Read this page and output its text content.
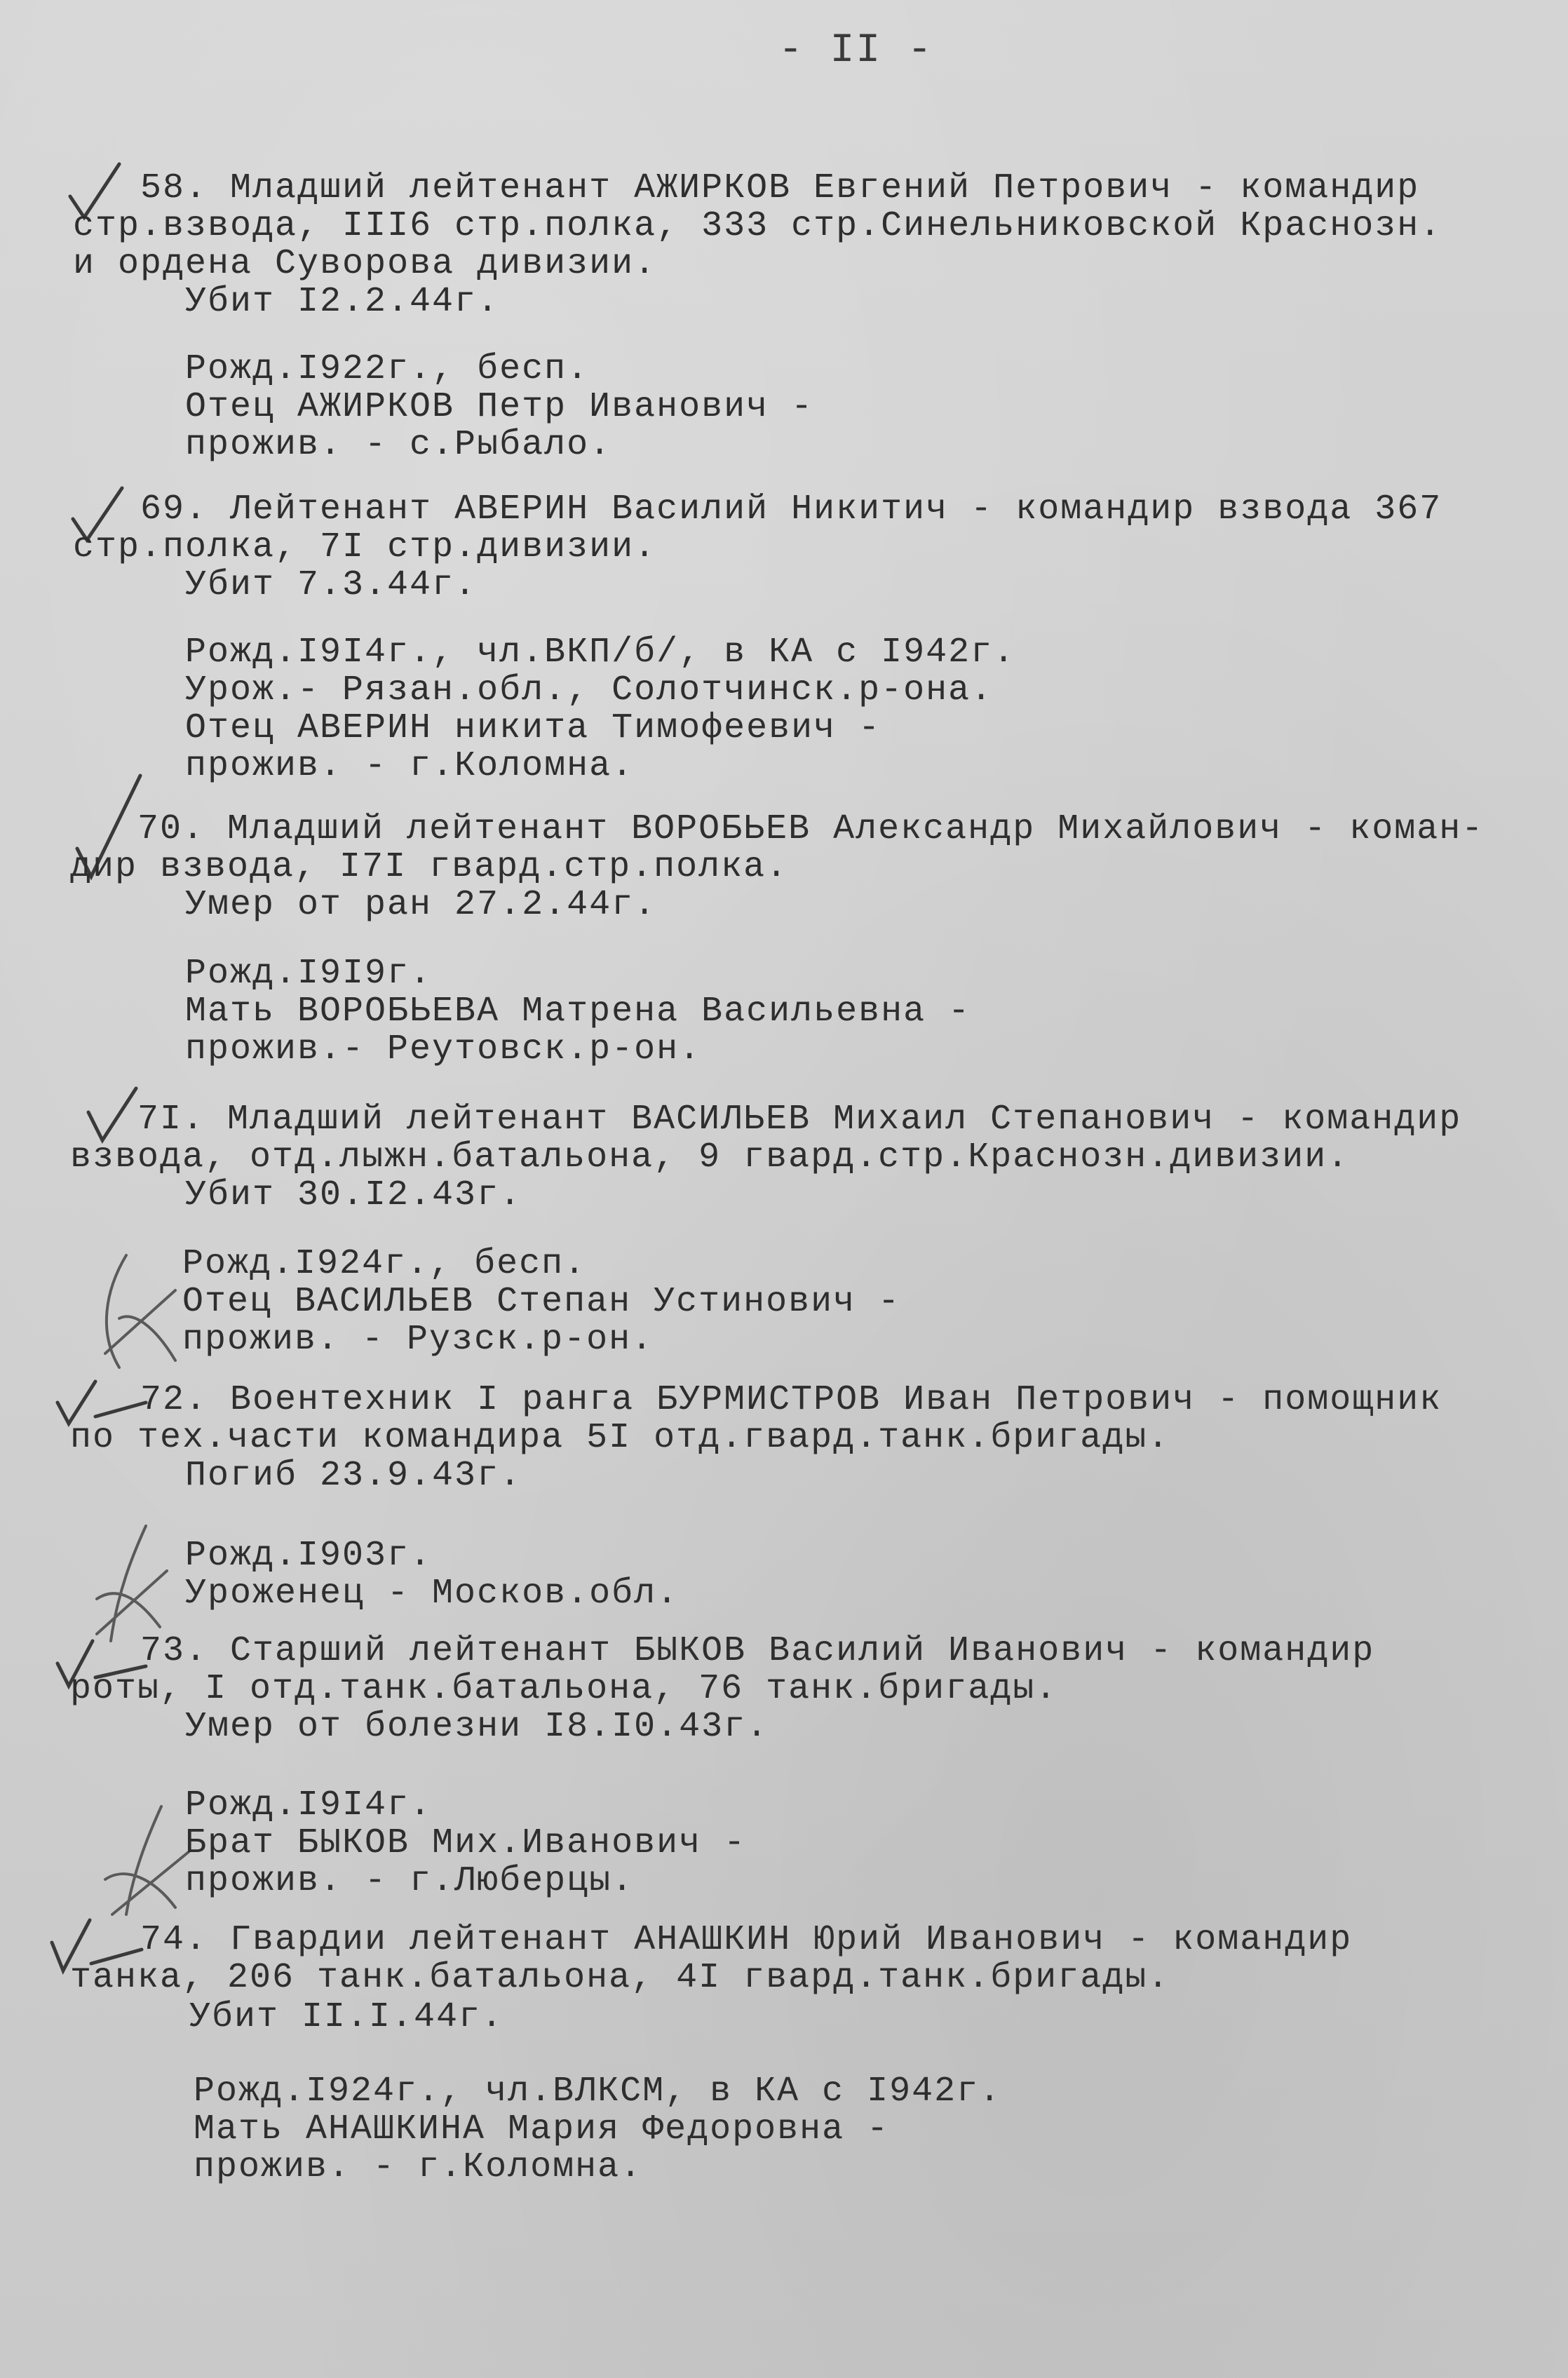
- II -
58. Младший лейтенант АЖИРКОВ Евгений Петрович - командир
стр.взвода, III6 стр.полка, 333 стр.Синельниковской Краснозн.
и ордена Суворова дивизии.
Убит I2.2.44г.
Рожд.I922г., бесп.
Отец АЖИРКОВ Петр Иванович -
прожив. - с.Рыбало.
69. Лейтенант АВЕРИН Василий Никитич - командир взвода 367
стр.полка, 7I стр.дивизии.
Убит 7.3.44г.
Рожд.I9I4г., чл.ВКП/б/, в КА с I942г.
Урож.- Рязан.обл., Солотчинск.р-она.
Отец АВЕРИН никита Тимофеевич -
прожив. - г.Коломна.
70. Младший лейтенант ВОРОБЬЕВ Александр Михайлович - коман-
дир взвода, I7I гвард.стр.полка.
Умер от ран 27.2.44г.
Рожд.I9I9г.
Мать ВОРОБЬЕВА Матрена Васильевна -
прожив.- Реутовск.р-он.
7I. Младший лейтенант ВАСИЛЬЕВ Михаил Степанович - командир
взвода, отд.лыжн.батальона, 9 гвард.стр.Краснозн.дивизии.
Убит 30.I2.43г.
Рожд.I924г., бесп.
Отец ВАСИЛЬЕВ Степан Устинович -
прожив. - Рузск.р-он.
72. Воентехник I ранга БУРМИСТРОВ Иван Петрович - помощник
по тех.части командира 5I отд.гвард.танк.бригады.
Погиб 23.9.43г.
Рожд.I903г.
Уроженец - Москов.обл.
73. Старший лейтенант БЫКОВ Василий Иванович - командир
роты, I отд.танк.батальона, 76 танк.бригады.
Умер от болезни I8.I0.43г.
Рожд.I9I4г.
Брат БЫКОВ Мих.Иванович -
прожив. - г.Люберцы.
74. Гвардии лейтенант АНАШКИН Юрий Иванович - командир
танка, 206 танк.батальона, 4I гвард.танк.бригады.
Убит II.I.44г.
Рожд.I924г., чл.ВЛКСМ, в КА с I942г.
Мать АНАШКИНА Мария Федоровна -
прожив. - г.Коломна.
